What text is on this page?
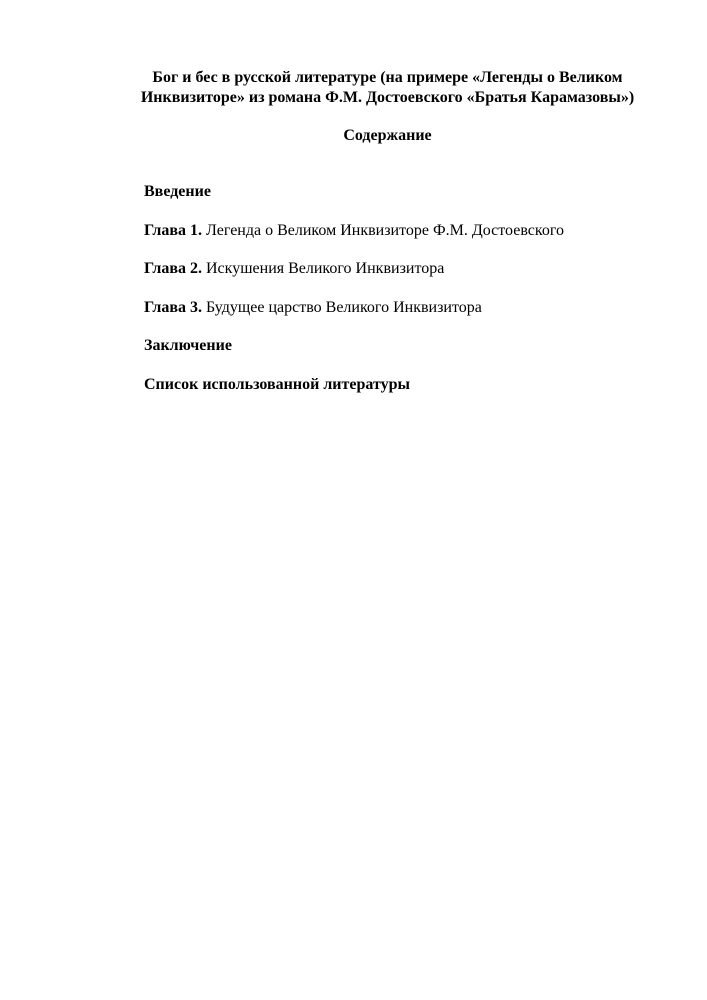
Бог и бес в русской литературе (на примере «Легенды о Великом
Инквизиторе» из романа Ф.М. Достоевского «Братья Карамазовы»)
Содержание
Введение
Глава 1. Легенда о Великом Инквизиторе Ф.М. Достоевского
Глава 2. Искушения Великого Инквизитора
Глава 3. Будущее царство Великого Инквизитора
Заключение
Список использованной литературы
